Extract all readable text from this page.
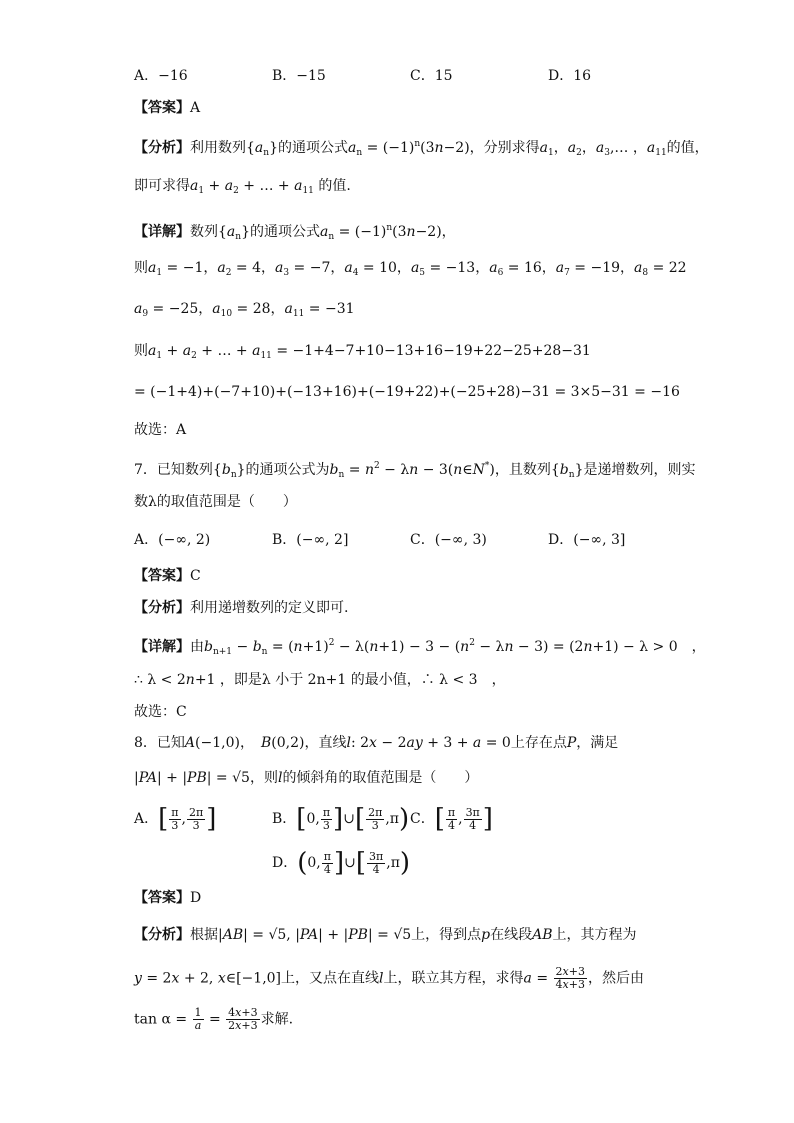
A．−16	B．−15	C．15	D．16
【答案】A
【分析】利用数列$\{a_n\}$的通项公式$a_n = (-1)^n(3n-2)$，分别求得$a_1$，$a_2$，$a_3,\dots$ ，$a_{11}$的值，
即可求得$a_1 + a_2$ + … + $a_{11}$ 的值.
【详解】数列$\{a_n\}$的通项公式$a_n = (-1)^n(3n-2)$，
则$a_1 = -1$，$a_2 = 4$，$a_3 = -7$，$a_4 = 10$，$a_5 = -13$，$a_6 = 16$，$a_7 = -19$，$a_8 = 22$
$a_9 = -25$，$a_{10} = 28$，$a_{11} = -31$
则$a_1 + a_2$ + … + $a_{11} = -1+4-7+10-13+16-19+22-25+28-31$
= (−1+4)+(−7+10)+(−13+16)+(−19+22)+(−25+28)−31 = 3×5−31 = −16
故选：A
7．已知数列$\{b_n\}$的通项公式为$b_n = n^2 - \lambda n$ − 3(n∈N*)，且数列$\{b_n\}$是递增数列，则实
数λ的取值范围是（　　）
A．(−∞, 2)	B．(−∞, 2]	C．(−∞, 3)	D．(−∞, 3]
【答案】C
【分析】利用递增数列的定义即可.
【详解】由$b_{n+1} - b_n = (n+1)^2 - \lambda(n+1) - 3 - (n^2 - \lambda n - 3) = (2n+1) - \lambda > 0$　，
∴ λ < 2n+1 ，即是λ 小于 2n+1 的最小值，∴ λ < 3　，
故选：C
8．已知A(−1,0)，　B(0,2)，直线l: 2x − 2ay + 3 + a = 0上存在点P，满足
|PA| + |PB| = √5，则l的倾斜角的取值范围是（　　）
A．[ $\frac{\pi}{3}$ , $\frac{2\pi}{3}$ ]	B．[0, $\frac{\pi}{3}$ ]∪[ $\frac{2\pi}{3} ,\pi$) C．[ $\frac{\pi}{4}$ , $\frac{3\pi}{4}$ ]
D．(0, $\frac{\pi}{4}$ ]∪[ $\frac{3\pi}{4} ,\pi$)
【答案】D
【分析】根据|AB| = √5, |PA| + |PB| = √5上，得到点p在线段AB上，其方程为
y = 2x + 2, x∈[−1,0]上，又点在直线l上，联立其方程，求得$a = \frac{2x+3}{4x+3}$ ，然后由
$\tan \alpha = \frac{1}{a} = \frac{4x+3}{2x+3}$ 求解.
